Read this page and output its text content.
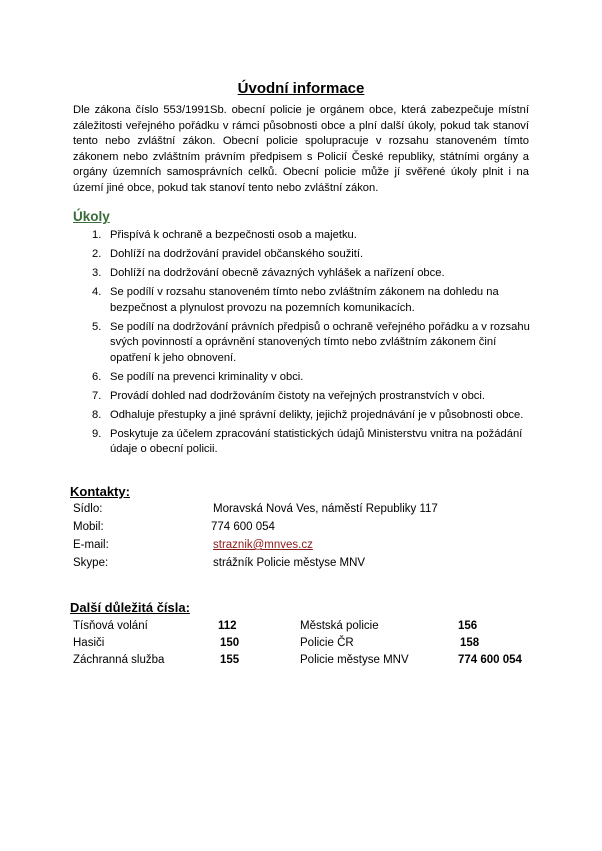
Úvodní informace
Dle zákona číslo 553/1991Sb. obecní policie je orgánem obce, která zabezpečuje místní záležitosti veřejného pořádku v rámci působnosti obce a plní další úkoly, pokud tak stanoví tento nebo zvláštní zákon. Obecní policie spolupracuje v rozsahu stanoveném tímto zákonem nebo zvláštním právním předpisem s Policií České republiky, státními orgány a orgány územních samosprávních celků. Obecní policie může jí svěřené úkoly plnit i na území jiné obce, pokud tak stanoví tento nebo zvláštní zákon.
Úkoly
1. Přispívá k ochraně a bezpečnosti osob a majetku.
2. Dohlíží na dodržování pravidel občanského soužití.
3. Dohlíží na dodržování obecně závazných vyhlášek a nařízení obce.
4. Se podílí v rozsahu stanoveném tímto nebo zvláštním zákonem na dohledu na bezpečnost a plynulost provozu na pozemních komunikacích.
5. Se podílí na dodržování právních předpisů o ochraně veřejného pořádku a v rozsahu svých povinností a oprávnění stanovených tímto nebo zvláštním zákonem činí opatření k jeho obnovení.
6. Se podílí na prevenci kriminality v obci.
7. Provádí dohled nad dodržováním čistoty na veřejných prostranstvích v obci.
8. Odhaluje přestupky a jiné správní delikty, jejichž projednávání je v působnosti obce.
9. Poskytuje za účelem zpracování statistických údajů Ministerstvu vnitra na požádání údaje o obecní policii.
Kontakty:
Sídlo:	Moravská Nová Ves, náměstí Republiky 117
Mobil:	774 600 054
E-mail:	straznik@mnves.cz
Skype:	strážník Policie městyse MNV
Další důležitá čísla:
Tísňová volání	112	Městská policie	156
Hasiči	150	Policie ČR	158
Záchranná služba	155	Policie městyse MNV	774 600 054
